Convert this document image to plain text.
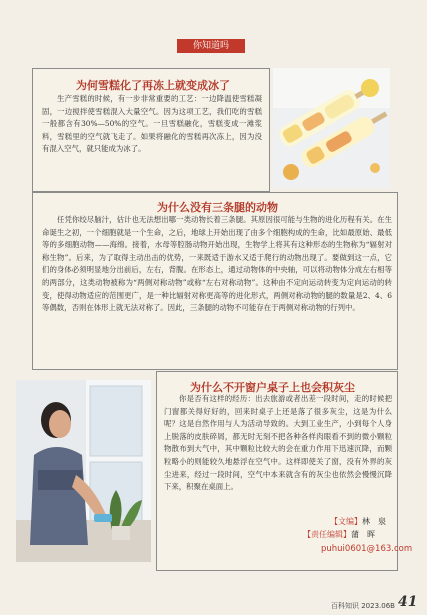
你知道吗
为何雪糕化了再冻上就变成冰了
生产雪糕的时候，有一步非常重要的工艺：一边降温使雪糕凝固，一边搅拌使雪糕混入大量空气。因为这项工艺，我们吃的雪糕一般都含有30%—50%的空气。一旦雪糕融化，雪糕变成一滩浆料，雪糕里的空气就飞走了。如果将融化的雪糕再次冻上，因为没有混入空气，就只能成为冰了。
为什么没有三条腿的动物
任凭你绞尽脑汁，估计也无法想出哪一类动物长着三条腿。其原因很可能与生物的进化历程有关。在生命诞生之初，一个细胞就是一个生命，之后，地球上开始出现了由多个细胞构成的生命，比如最原始、最低等的多细胞动物——海绵。接着，水母等腔肠动物开始出现，生物学上将其有这种形态的生物称为“辐射对称生物”。后来，为了取得主动出击的优势，一来既适于游水又适于爬行的动物出现了。要做到这一点，它们的身体必须明显地分出前后，左右，背腹。在形态上，通过动物体的中央轴，可以将动物体分成左右相等的两部分，这类动物被称为“两侧对称动物”或称“左右对称动物”。这种由不定向运动转变为定向运动的转变，使得动物适应的范围更广，是一种比辐射对称更高等的进化形式，两侧对称动物的腿的数量是2、4、6等偶数，否则在体形上就无法对称了。因此，三条腿的动物不可能存在于两侧对称动物的行列中。
为什么不开窗户桌子上也会积灰尘
你是否有这样的经历：出去旅游或者出差一段时间，走的时候把门窗都关得好好的，回来时桌子上还是落了很多灰尘，这是为什么呢？这是自然作用与人为活动导致的。大到工业生产，小到每个人身上脱落的皮肤碎屑，都无时无刻不把各种各样肉眼看不到的微小颗粒物散布到大气中，其中颗粒比较大的会在重力作用下迅速沉降，而颗粒略小的则能较久地悬浮在空气中。这样即使关了窗，没有外界的灰尘进来，经过一段时间，空气中本来就含有的灰尘也依然会慢慢沉降下来，积聚在桌面上。
【文编】林　泉
【责任编辑】蒲　晖
puhui0601@163.com
百科知识 2023.06B 41
